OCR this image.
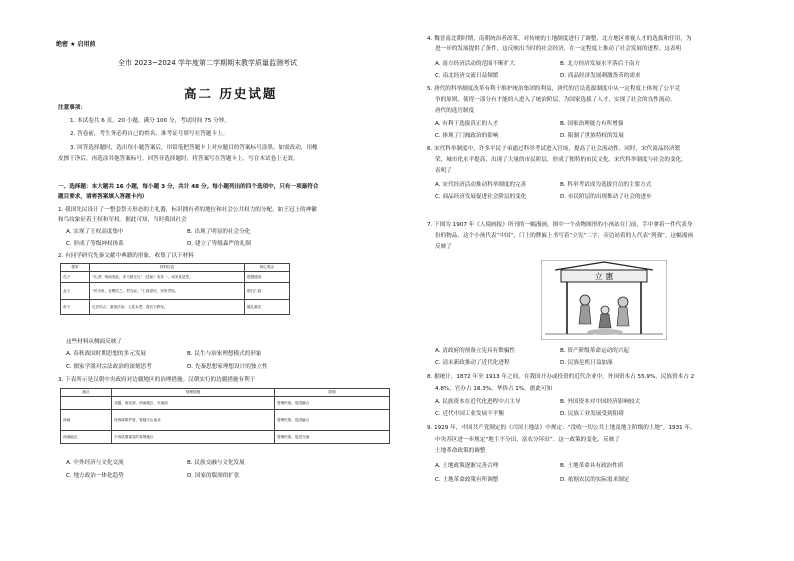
绝密 ★ 启用前
全市 2023~2024 学年度第二学期期末教学质量监测考试
高二 历史试题
注意事项：
1. 本试卷共 6 页，20 小题，满分 100 分，考试时间 75 分钟。
2. 答卷前，考生务必将自己的姓名、准考证号填写在答题卡上。
3. 回答选择题时，选出每小题答案后，用铅笔把答题卡上对应题目的答案标号涂黑。如需改动，用橡
皮擦干净后，再选涂其他答案标号。回答非选择题时，将答案写在答题卡上，写在本试卷上无效。
一、选择题：本大题共 16 小题，每小题 3 分，共计 48 分。每小题列出的四个选项中，只有一项最符合
题目要求，请将答案填入答题卡内）
1. 我国先民设计了一整套祭天形态的主礼器，标识拥有者的地位和社会公共权力的分配，如王冠上的神徽
和鸟纹象征着王权和军权。据此可知，当时我国社会
A. 实现了王权高度集中	B. 出现了明显的社会分化
C. 形成了等级神权体系	D. 建立了等级森严的礼制
2. 有同学研究先秦文献中典籍的形象，收集了以下材料
儒家	材料信息	核心观点
孔子	“礼者！贱而有此，非乃彼无礼”（述而）有其一，成务其是然。	提倡德治
孟子	“民为贵，社稷次之，君为轻。”仁政爱民，民贵君轻。	倡行仁政
荀子	礼法结合，重视法治；人性本恶，需后天教化。	隆礼重法
这些材料从侧面反映了
A. 春秋战国时期思想的多元发展	B. 民生与治家理想模式的形象
C. 儒家学派对宗法政治的深刻思考	D. 先秦思想家理想设计的独立性
3. 下表所示是汉朝中央政府对边疆地区的治理措施。汉朝实行的边疆措施有利于
地区	管理措施	影响
	北疆、西北部、西南地区、东南部	管理民族，促进融合
西域	设西域都护府，管辖天山南北	管理民族，促进融合
西南地区	不再设置郡县的管理地区	管理民族，促进交流
A. 中外经济与文化交流	B. 民族交融与文化发展
C. 地方政治一体化趋势	D. 国家的版图的扩张
4. 魏晋南北朝时期，南朝统治者改革，对传统的土地制度进行了调整，北方地区重视人才的选拔和任用，为
进一步的发展提供了条件，这反映出当时的社会经济，在一定程度上推动了社会发展的进程。这表明
A. 南方经济活动的范围不断扩大	B. 北方经济发展水平落后于南方
C. 南北经济交流日益频繁	D. 商品经济发展刺激货币的需求
5. 唐代的科举制度改革有利于维护统治集团的利益，唐代的官员选拔制度中从一定程度上体现了公平竞
争的原则，使得一部分有才能的人进入了统治阶层，为国家选拔了人才，实现了社会的良性流动。
唐代的选官制度
A. 有利于选拔真正的人才	B. 国家治理能力有所增强
C. 体现了门阀政治的影响	D. 限制了世族特权的发展
6. 宋代科举制度中，许多平民子弟通过科举考试进入官场，提高了社会流动性。同时，宋代商品经济繁
荣，城市化水平提高，出现了大量的市民阶层，形成了独特的市民文化，宋代科举制度与社会的变化，
表明了
A. 宋代经济活动推动科举制度的完善	B. 科举考试成为选拔官员的主要方式
C. 商品经济发展促进社会阶层的变化	D. 市民阶层的出现推动了社会的进步
7. 下图为 1907 年《人境画报》所刊的一幅漫画，图中一个动物图形的小孩站在门前，手中拿着一件代表身
份的物品，这个小孩代表“中国”，门上的牌匾上书写着“立宪”二字，旁边站着的人代表“列强”。这幅漫画
反映了
立 憲
A. 清政府的预备立宪具有欺骗性	B. 资产阶级革命运动的兴起
C. 清末新政推动了近代化进程	D. 民族危机日益加深
8. 据统计，1872 年至 1913 年之间，在我国开办或投资的近代企业中，外国资本占 55.9%，民族资本占 2
4.8%，官办占 18.3%，华侨占 1%。据此可知
A. 民族资本在近代化进程中占主导	B. 外国资本对中国经济影响较大
C. 近代中国工业发展不平衡	D. 民族工业发展受到阻碍
9. 1929 年，中国共产党制定的《兴国土地法》中规定：“没收一切公共土地及地主阶级的土地”。1931 年，
中央苏区进一步规定“地主不分田，富农分坏田”。这一政策的变化，反映了
土地革命政策的调整
A. 土地政策逐渐完善合理	B. 土地革命具有政治性质
C. 土地革命政策有所调整	D. 依据农民的实际需求制定
